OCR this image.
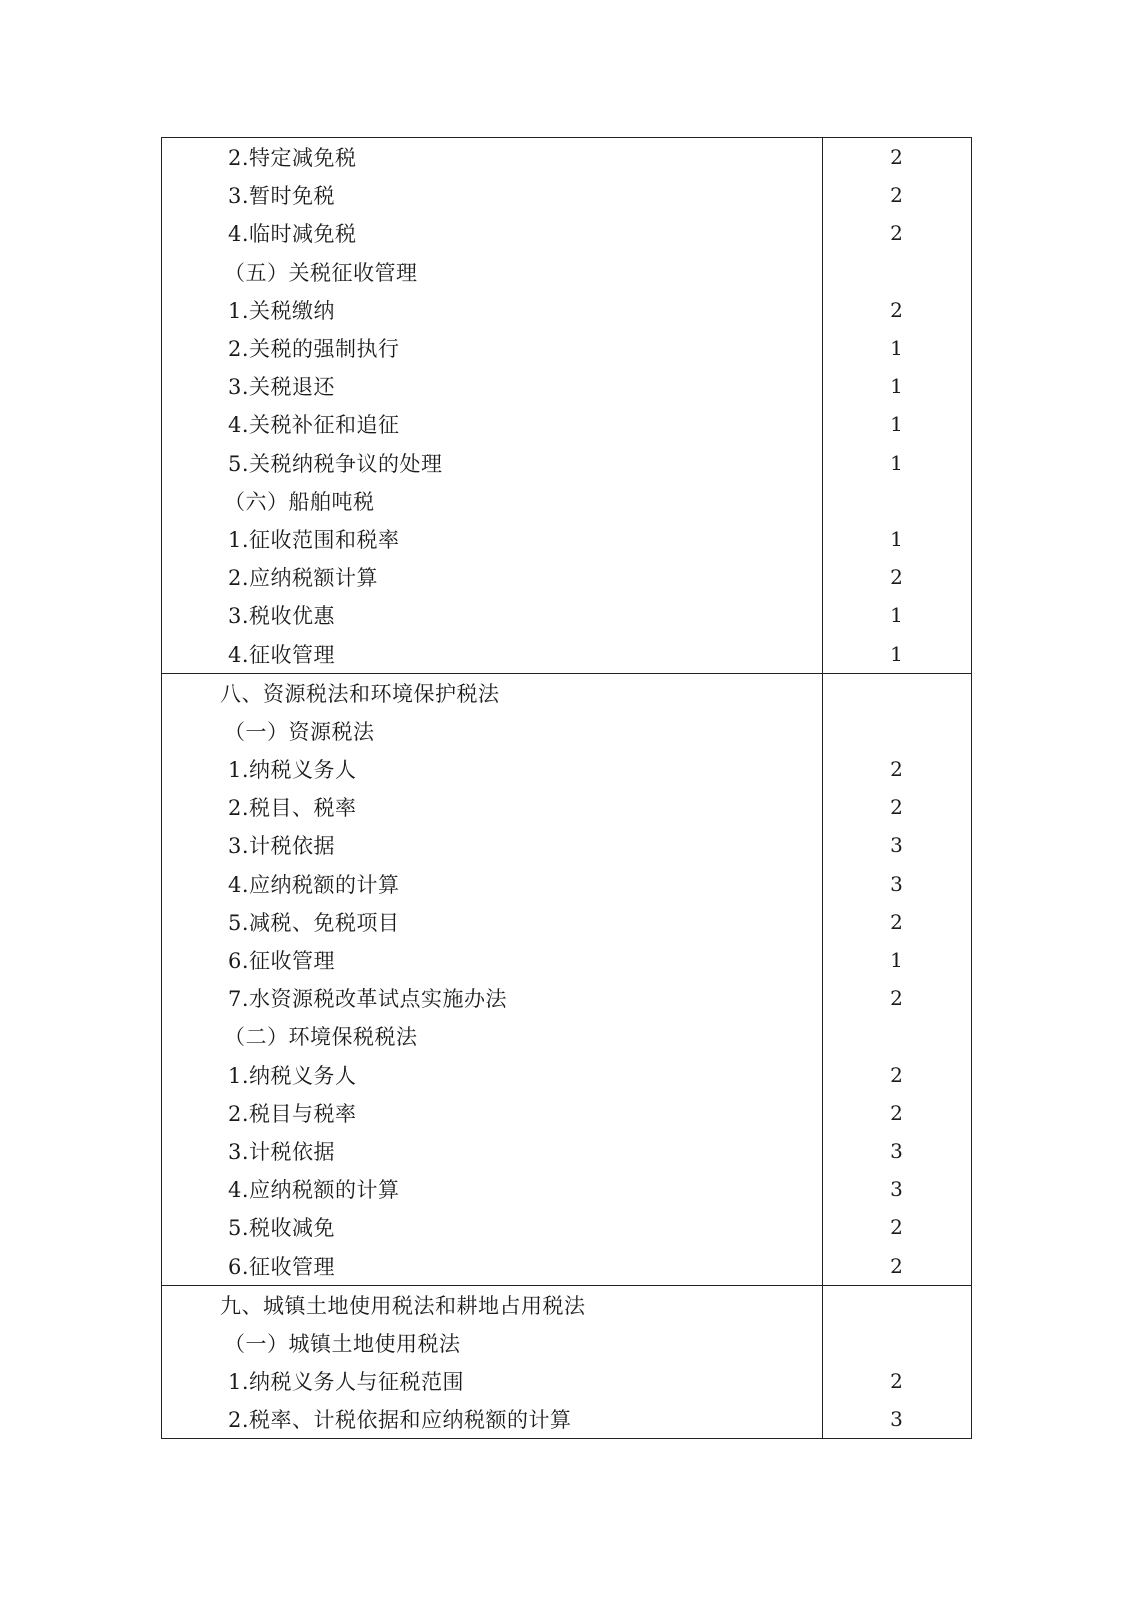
2.特定减免税	2
3.暂时免税	2
4.临时减免税	2
（五）关税征收管理
1.关税缴纳	2
2.关税的强制执行	1
3.关税退还	1
4.关税补征和追征	1
5.关税纳税争议的处理	1
（六）船舶吨税
1.征收范围和税率	1
2.应纳税额计算	2
3.税收优惠	1
4.征收管理	1
八、资源税法和环境保护税法
（一）资源税法
1.纳税义务人	2
2.税目、税率	2
3.计税依据	3
4.应纳税额的计算	3
5.减税、免税项目	2
6.征收管理	1
7.水资源税改革试点实施办法	2
（二）环境保税税法
1.纳税义务人	2
2.税目与税率	2
3.计税依据	3
4.应纳税额的计算	3
5.税收减免	2
6.征收管理	2
九、城镇土地使用税法和耕地占用税法
（一）城镇土地使用税法
1.纳税义务人与征税范围	2
2.税率、计税依据和应纳税额的计算	3
